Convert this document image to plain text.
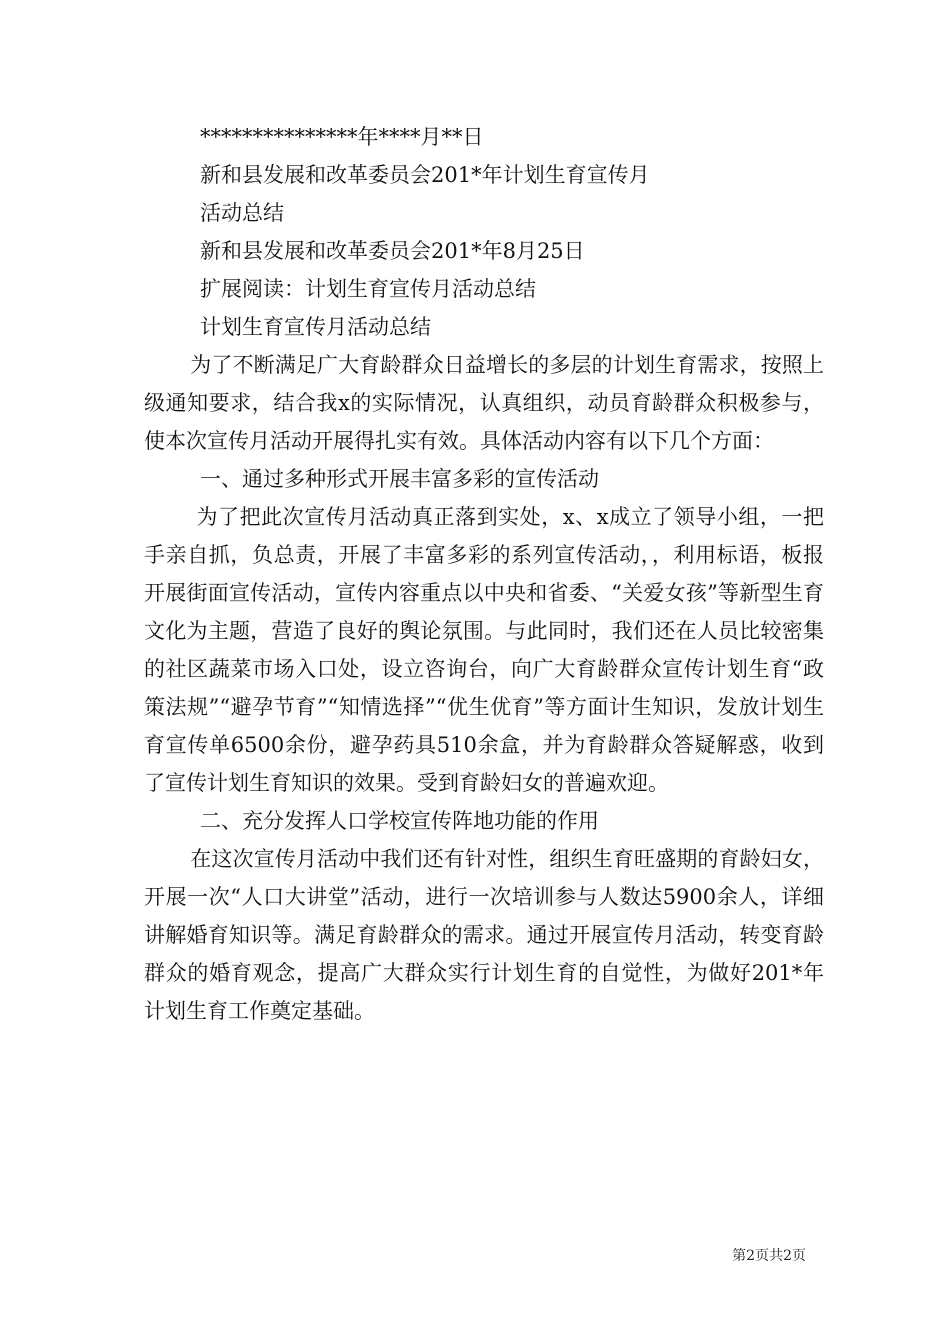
***************年****月**日

新和县发展和改革委员会201*年计划生育宣传月

活动总结

新和县发展和改革委员会201*年8月25日

扩展阅读：计划生育宣传月活动总结

计划生育宣传月活动总结

为了不断满足广大育龄群众日益增长的多层的计划生育需求，按照上级通知要求，结合我x的实际情况，认真组织，动员育龄群众积极参与，使本次宣传月活动开展得扎实有效。具体活动内容有以下几个方面：

一、通过多种形式开展丰富多彩的宣传活动

为了把此次宣传月活动真正落到实处，x、x成立了领导小组，一把手亲自抓，负总责，开展了丰富多彩的系列宣传活动，，利用标语，板报开展街面宣传活动，宣传内容重点以中央和省委、“关爱女孩”等新型生育文化为主题，营造了良好的舆论氛围。与此同时，我们还在人员比较密集的社区蔬菜市场入口处，设立咨询台，向广大育龄群众宣传计划生育“政策法规”“避孕节育”“知情选择”“优生优育”等方面计生知识，发放计划生育宣传单6500余份，避孕药具510余盒，并为育龄群众答疑解惑，收到了宣传计划生育知识的效果。受到育龄妇女的普遍欢迎。

二、充分发挥人口学校宣传阵地功能的作用

在这次宣传月活动中我们还有针对性，组织生育旺盛期的育龄妇女，开展一次“人口大讲堂”活动，进行一次培训参与人数达5900余人，详细讲解婚育知识等。满足育龄群众的需求。通过开展宣传月活动，转变育龄群众的婚育观念，提高广大群众实行计划生育的自觉性，为做好201*年计划生育工作奠定基础。

第2页共2页
